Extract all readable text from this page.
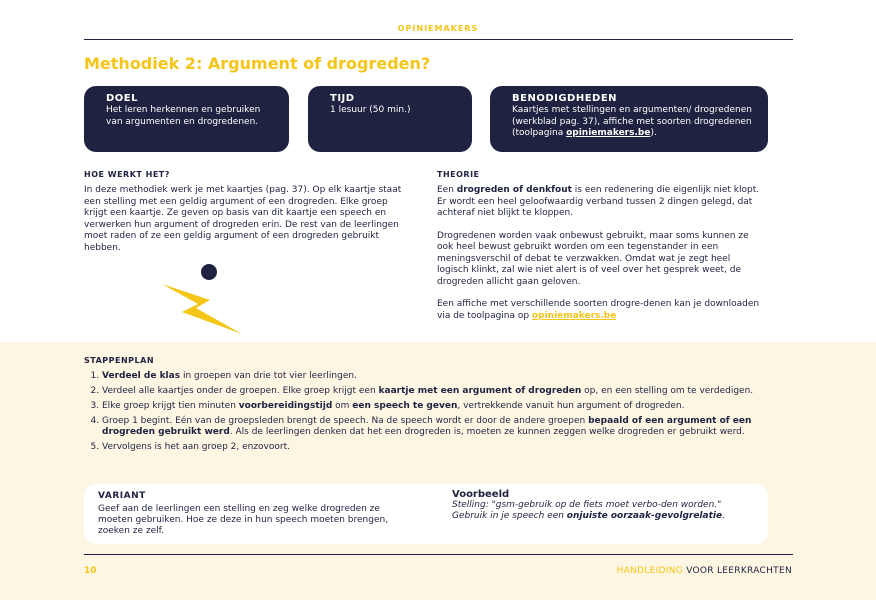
OPINIEMAKERS
Methodiek 2: Argument of drogreden?
DOEL
Het leren herkennen en gebruiken van argumenten en drogredenen.
TIJD
1 lesuur (50 min.)
BENODIGDHEDEN
Kaartjes met stellingen en argumenten/ drogredenen (werkblad pag. 37), affiche met soorten drogredenen (toolpagina opiniemakers.be).
HOE WERKT HET?

In deze methodiek werk je met kaartjes (pag. 37). Op elk kaartje staat een stelling met een geldig argument of een drogreden. Elke groep krijgt een kaartje. Ze geven op basis van dit kaartje een speech en verwerken hun argument of drogreden erin. De rest van de leerlingen moet raden of ze een geldig argument of een drogreden gebruikt hebben.

THEORIE

Een drogreden of denkfout is een redenering die eigenlijk niet klopt. Er wordt een heel geloofwaardig verband tussen 2 dingen gelegd, dat achteraf niet blijkt te kloppen.

Drogredenen worden vaak onbewust gebruikt, maar soms kunnen ze ook heel bewust gebruikt worden om een tegenstander in een meningsverschil of debat te verzwakken. Omdat wat je zegt heel logisch klinkt, zal wie niet alert is of veel over het gesprek weet, de drogreden allicht gaan geloven.

Een affiche met verschillende soorten drogre-denen kan je downloaden via de toolpagina op opiniemakers.be

STAPPENPLAN
1. Verdeel de klas in groepen van drie tot vier leerlingen.
2. Verdeel alle kaartjes onder de groepen. Elke groep krijgt een kaartje met een argument of drogreden op, en een stelling om te verdedigen.
3. Elke groep krijgt tien minuten voorbereidingstijd om een speech te geven, vertrekkende vanuit hun argument of drogreden.
4. Groep 1 begint. Eén van de groepsleden brengt de speech. Na de speech wordt er door de andere groepen bepaald of een argument of een drogreden gebruikt werd. Als de leerlingen denken dat het een drogreden is, moeten ze kunnen zeggen welke drogreden er gebruikt werd.
5. Vervolgens is het aan groep 2, enzovoort.
VARIANT
Geef aan de leerlingen een stelling en zeg welke drogreden ze moeten gebruiken. Hoe ze deze in hun speech moeten brengen, zoeken ze zelf.
Voorbeeld
Stelling: "gsm-gebruik op de fiets moet verbo-den worden."
Gebruik in je speech een onjuiste oorzaak-gevolgrelatie.
10	HANDLEIDING VOOR LEERKRACHTEN
